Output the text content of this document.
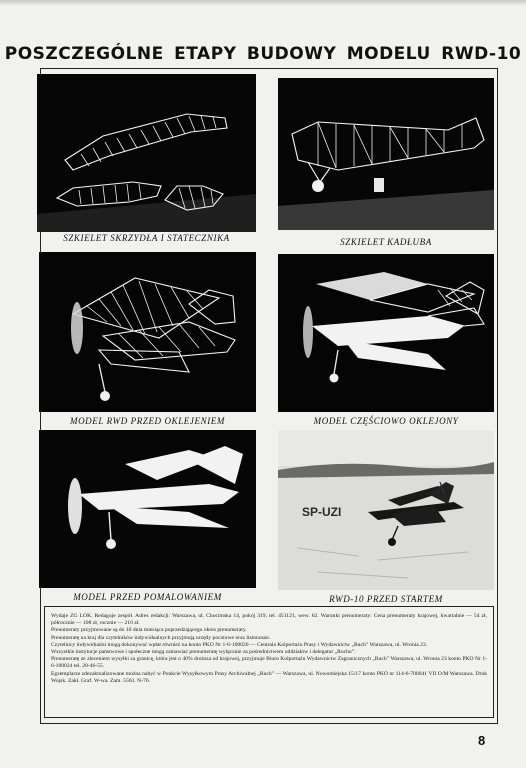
POSZCZEGÓLNE ETAPY BUDOWY MODELU RWD-10
SZKIELET SKRZYDŁA I STATECZNIKA	SZKIELET KADŁUBA
MODEL RWD PRZED OKLEJENIEM	MODEL CZĘŚCIOWO OKLEJONY
MODEL PRZED POMALOWANIEM
SP-UZI
RWD-10 PRZED STARTEM

Wydaje ZG LOK. Redaguje zespół. Adres redakcji: Warszawa, ul. Chocimska 14, pokój 319, tel. 451121, wew. 62. Warunki prenumeraty: Cena prenumeraty krajowej, kwartalnie — 54 zł, półrocznie — 108 zł, rocznie — 216 zł.

Prenumeraty przyjmowane są do 10 dnia miesiąca poprzedzającego okres prenumeraty.

Prenumeratę na kraj dla czytelników indywidualnych przyjmują urzędy pocztowe oraz listonosze.

Czytelnicy indywidualni mogą dokonywać wpłat również na konto PKO Nr 1-6-100020 — Centrala Kolportażu Prasy i Wydawnictw „Ruch” Warszawa, ul. Wronia 23.

Wszystkie instytucje państwowe i społeczne mogą zamawiać prenumeratę wyłącznie za pośrednictwem oddziałów i delegatur „Ruchu”.

Prenumeratę ze zleceniem wysyłki za granicę, która jest o 40% droższa od krajowej, przyjmuje Biuro Kolportażu Wydawnictw Zagranicznych „Ruch” Warszawa, ul. Wronia 23 konto PKO Nr 1-6-100024 tel. 20-46-55.

Egzemplarze zdezaktualizowane można nabyć w Punkcie Wysyłkowym Prasy Archiwalnej „Ruch” — Warszawa, ul. Nowomiejska 15/17 konto PKO nr 114-6-700041 VII O/M Warszawa. Druk Wojsk. Zakł. Graf. W-wa. Zam. 5563. N-76.

8
